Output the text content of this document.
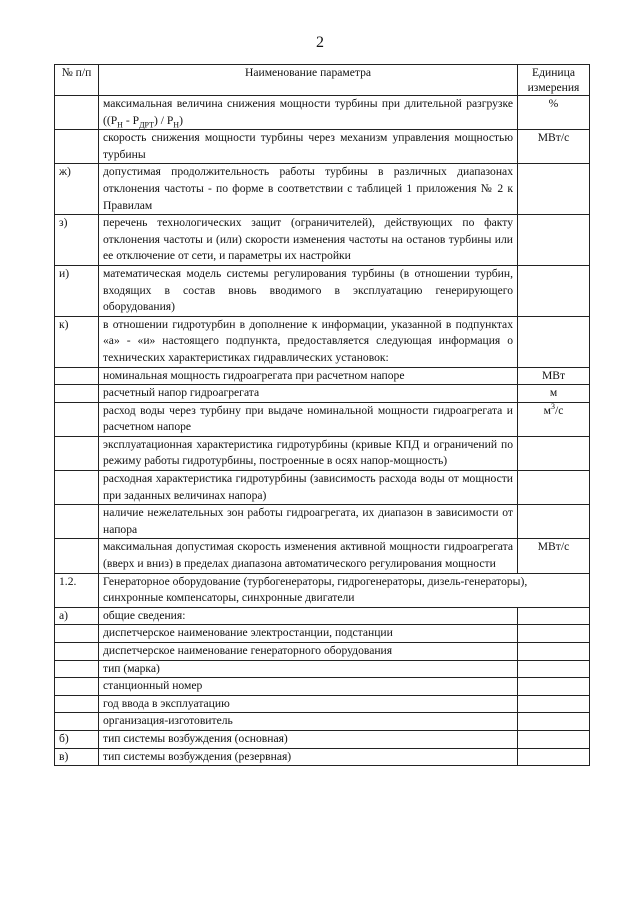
2
№ п/п	Наименование параметра	Единица измерения
	максимальная величина снижения мощности турбины при длительной разгрузке $((P_Н - P_{ДРТ}) / P_Н)$	%
	скорость снижения мощности турбины через механизм управления мощностью турбины	МВт/с
ж)	допустимая продолжительность работы турбины в различных диапазонах отклонения частоты - по форме в соответствии с таблицей 1 приложения № 2 к Правилам	
з)	перечень технологических защит (ограничителей), действующих по факту отклонения частоты и (или) скорости изменения частоты на останов турбины или ее отключение от сети, и параметры их настройки	
и)	математическая модель системы регулирования турбины (в отношении турбин, входящих в состав вновь вводимого в эксплуатацию генерирующего оборудования)	
к)	в отношении гидротурбин в дополнение к информации, указанной в подпунктах «а» - «и» настоящего подпункта, предоставляется следующая информация о технических характеристиках гидравлических установок:	
	номинальная мощность гидроагрегата при расчетном напоре	МВт
	расчетный напор гидроагрегата	м
	расход воды через турбину при выдаче номинальной мощности гидроагрегата и расчетном напоре	$м^3/с$
	эксплуатационная характеристика гидротурбины (кривые КПД и ограничений по режиму работы гидротурбины, построенные в осях напор-мощность)	
	расходная характеристика гидротурбины (зависимость расхода воды от мощности при заданных величинах напора)	
	наличие нежелательных зон работы гидроагрегата, их диапазон в зависимости от напора	
	максимальная допустимая скорость изменения активной мощности гидроагрегата (вверх и вниз) в пределах диапазона автоматического регулирования мощности	МВт/с
1.2.	Генераторное оборудование (турбогенераторы, гидрогенераторы, дизель-генераторы), синхронные компенсаторы, синхронные двигатели	
а)	общие сведения:	
	диспетчерское наименование электростанции, подстанции	
	диспетчерское наименование генераторного оборудования	
	тип (марка)	
	станционный номер	
	год ввода в эксплуатацию	
	организация-изготовитель	
б)	тип системы возбуждения (основная)	
в)	тип системы возбуждения (резервная)	
